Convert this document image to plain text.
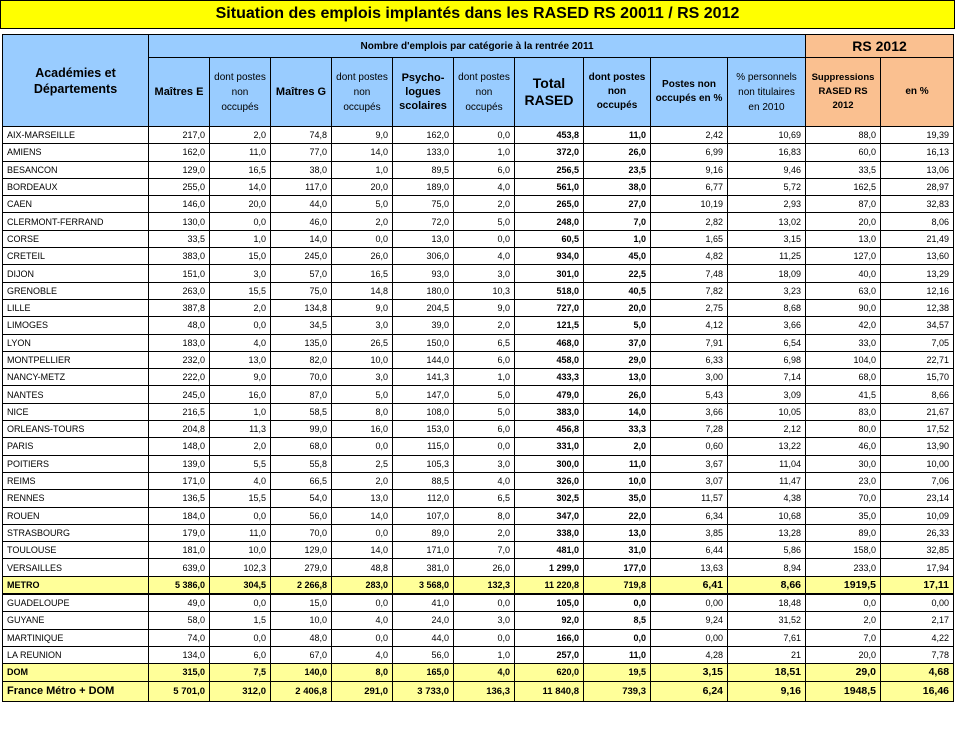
Situation des emplois implantés dans les RASED RS 20011 / RS 2012
Académies et Départements	Nombre d'emplois par catégorie à la rentrée 2011										RS 2012	
	Maîtres E	dont postes non occupés	Maîtres G	dont postes non occupés	Psycho-logues scolaires	dont postes non occupés	Total RASED	dont postes non occupés	Postes non occupés en %	% personnels non titulaires en 2010	Suppressions RASED RS 2012	en %
AIX-MARSEILLE	217,0	2,0	74,8	9,0	162,0	0,0	453,8	11,0	2,42	10,69	88,0	19,39
AMIENS	162,0	11,0	77,0	14,0	133,0	1,0	372,0	26,0	6,99	16,83	60,0	16,13
BESANCON	129,0	16,5	38,0	1,0	89,5	6,0	256,5	23,5	9,16	9,46	33,5	13,06
BORDEAUX	255,0	14,0	117,0	20,0	189,0	4,0	561,0	38,0	6,77	5,72	162,5	28,97
CAEN	146,0	20,0	44,0	5,0	75,0	2,0	265,0	27,0	10,19	2,93	87,0	32,83
CLERMONT-FERRAND	130,0	0,0	46,0	2,0	72,0	5,0	248,0	7,0	2,82	13,02	20,0	8,06
CORSE	33,5	1,0	14,0	0,0	13,0	0,0	60,5	1,0	1,65	3,15	13,0	21,49
CRETEIL	383,0	15,0	245,0	26,0	306,0	4,0	934,0	45,0	4,82	11,25	127,0	13,60
DIJON	151,0	3,0	57,0	16,5	93,0	3,0	301,0	22,5	7,48	18,09	40,0	13,29
GRENOBLE	263,0	15,5	75,0	14,8	180,0	10,3	518,0	40,5	7,82	3,23	63,0	12,16
LILLE	387,8	2,0	134,8	9,0	204,5	9,0	727,0	20,0	2,75	8,68	90,0	12,38
LIMOGES	48,0	0,0	34,5	3,0	39,0	2,0	121,5	5,0	4,12	3,66	42,0	34,57
LYON	183,0	4,0	135,0	26,5	150,0	6,5	468,0	37,0	7,91	6,54	33,0	7,05
MONTPELLIER	232,0	13,0	82,0	10,0	144,0	6,0	458,0	29,0	6,33	6,98	104,0	22,71
NANCY-METZ	222,0	9,0	70,0	3,0	141,3	1,0	433,3	13,0	3,00	7,14	68,0	15,70
NANTES	245,0	16,0	87,0	5,0	147,0	5,0	479,0	26,0	5,43	3,09	41,5	8,66
NICE	216,5	1,0	58,5	8,0	108,0	5,0	383,0	14,0	3,66	10,05	83,0	21,67
ORLEANS-TOURS	204,8	11,3	99,0	16,0	153,0	6,0	456,8	33,3	7,28	2,12	80,0	17,52
PARIS	148,0	2,0	68,0	0,0	115,0	0,0	331,0	2,0	0,60	13,22	46,0	13,90
POITIERS	139,0	5,5	55,8	2,5	105,3	3,0	300,0	11,0	3,67	11,04	30,0	10,00
REIMS	171,0	4,0	66,5	2,0	88,5	4,0	326,0	10,0	3,07	11,47	23,0	7,06
RENNES	136,5	15,5	54,0	13,0	112,0	6,5	302,5	35,0	11,57	4,38	70,0	23,14
ROUEN	184,0	0,0	56,0	14,0	107,0	8,0	347,0	22,0	6,34	10,68	35,0	10,09
STRASBOURG	179,0	11,0	70,0	0,0	89,0	2,0	338,0	13,0	3,85	13,28	89,0	26,33
TOULOUSE	181,0	10,0	129,0	14,0	171,0	7,0	481,0	31,0	6,44	5,86	158,0	32,85
VERSAILLES	639,0	102,3	279,0	48,8	381,0	26,0	1 299,0	177,0	13,63	8,94	233,0	17,94
METRO	5 386,0	304,5	2 266,8	283,0	3 568,0	132,3	11 220,8	719,8	6,41	8,66	1919,5	17,11
GUADELOUPE	49,0	0,0	15,0	0,0	41,0	0,0	105,0	0,0	0,00	18,48	0,0	0,00
GUYANE	58,0	1,5	10,0	4,0	24,0	3,0	92,0	8,5	9,24	31,52	2,0	2,17
MARTINIQUE	74,0	0,0	48,0	0,0	44,0	0,0	166,0	0,0	0,00	7,61	7,0	4,22
LA REUNION	134,0	6,0	67,0	4,0	56,0	1,0	257,0	11,0	4,28	21	20,0	7,78
DOM	315,0	7,5	140,0	8,0	165,0	4,0	620,0	19,5	3,15	18,51	29,0	4,68
France Métro + DOM	5 701,0	312,0	2 406,8	291,0	3 733,0	136,3	11 840,8	739,3	6,24	9,16	1948,5	16,46
